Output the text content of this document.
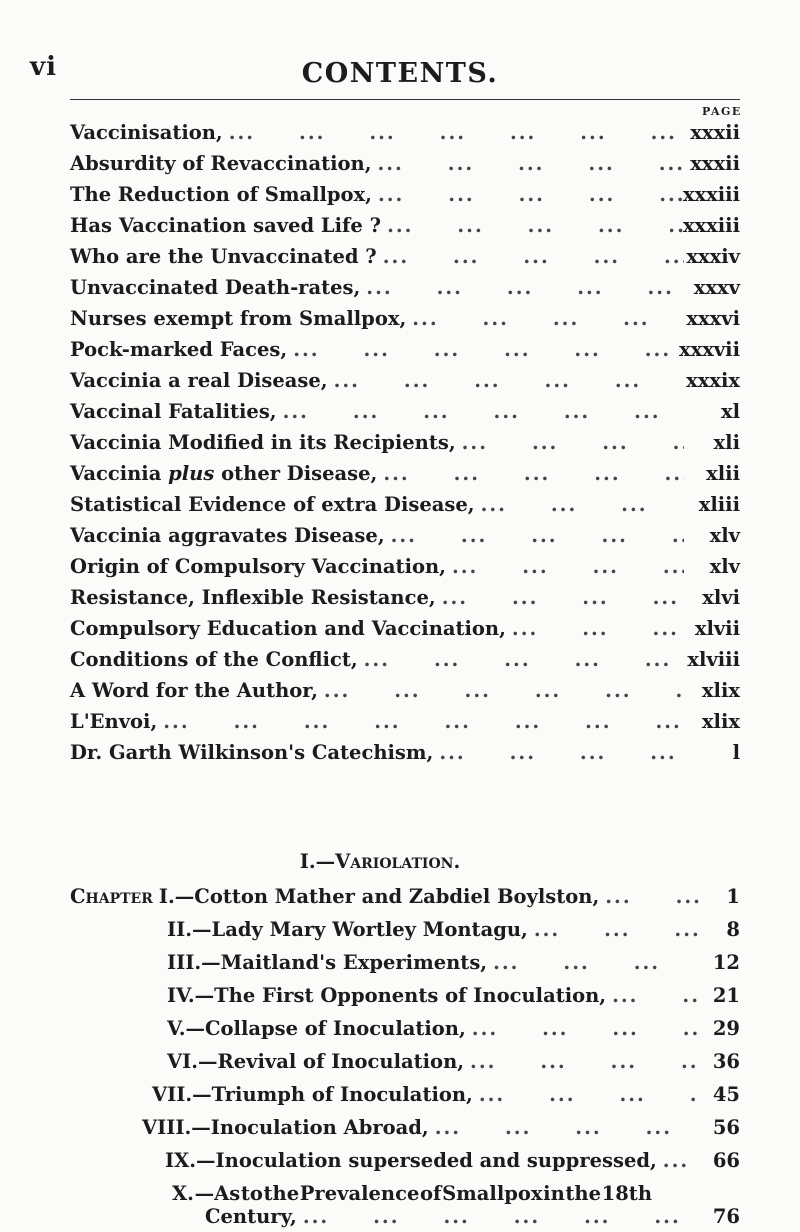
vi	CONTENTS.
PAGE
Vaccinisation, ...	xxxii
Absurdity of Revaccination, ...	xxxii
The Reduction of Smallpox, ...	xxxiii
Has Vaccination saved Life ? ...	xxxiii
Who are the Unvaccinated ? ...	xxxiv
Unvaccinated Death-rates, ...	xxxv
Nurses exempt from Smallpox, ...	xxxvi
Pock-marked Faces, ...	xxxvii
Vaccinia a real Disease, ...	xxxix
Vaccinal Fatalities, ...	xl
Vaccinia Modified in its Recipients, ...	xli
Vaccinia plus other Disease, ...	xlii
Statistical Evidence of extra Disease, ...	xliii
Vaccinia aggravates Disease, ...	xlv
Origin of Compulsory Vaccination, ...	xlv
Resistance, Inflexible Resistance, ...	xlvi
Compulsory Education and Vaccination, ...	xlvii
Conditions of the Conflict, ...	xlviii
A Word for the Author, ...	xlix
L'Envoi, ...	xlix
Dr. Garth Wilkinson's Catechism, ...	l
I.—Variolation.
Chapter I.—Cotton Mather and Zabdiel Boylston, ...	1
II.—Lady Mary Wortley Montagu, ...	8
III.—Maitland's Experiments, ...	12
IV.—The First Opponents of Inoculation, ...	21
V.—Collapse of Inoculation, ...	29
VI.—Revival of Inoculation, ...	36
VII.—Triumph of Inoculation, ...	45
VIII.—Inoculation Abroad, ...	56
IX.—Inoculation superseded and suppressed, ...	66
X. —As to the Prevalence of Smallpox in the 18th
Century, ...	76
